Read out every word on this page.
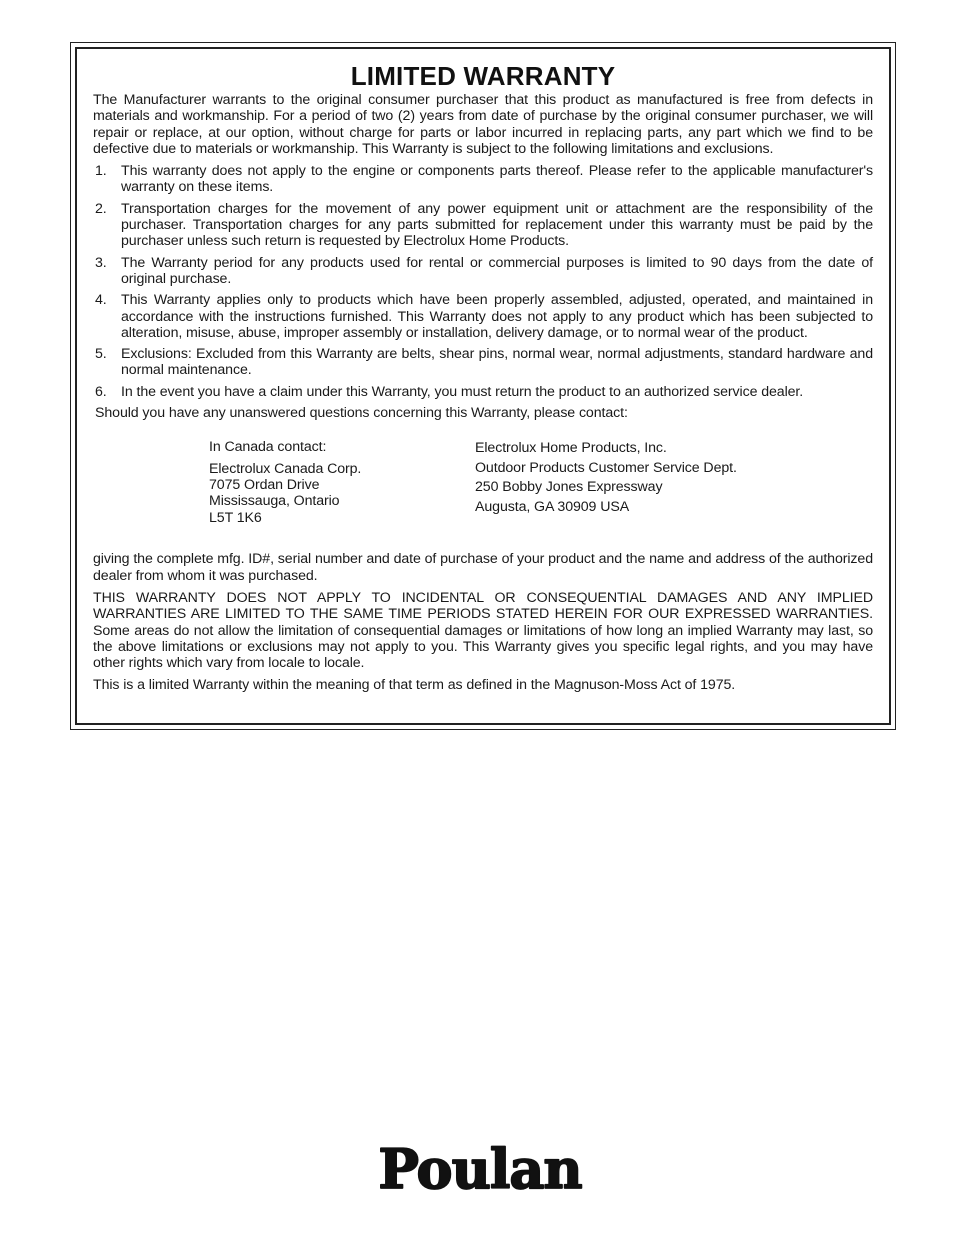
LIMITED WARRANTY

The Manufacturer warrants to the original consumer purchaser that this product as manufactured is free from defects in materials and workmanship. For a period of two (2) years from date of purchase by the original consumer purchaser, we will repair or replace, at our option, without charge for parts or labor incurred in replacing parts, any part which we find to be defective due to materials or workmanship. This Warranty is subject to the following limitations and exclusions.

1. This warranty does not apply to the engine or components parts thereof. Please refer to the applicable manufacturer's warranty on these items.
2. Transportation charges for the movement of any power equipment unit or attachment are the responsibility of the purchaser. Transportation charges for any parts submitted for replacement under this warranty must be paid by the purchaser unless such return is requested by Electrolux Home Products.
3. The Warranty period for any products used for rental or commercial purposes is limited to 90 days from the date of original purchase.
4. This Warranty applies only to products which have been properly assembled, adjusted, operated, and maintained in accordance with the instructions furnished. This Warranty does not apply to any product which has been subjected to alteration, misuse, abuse, improper assembly or installation, delivery damage, or to normal wear of the product.
5. Exclusions: Excluded from this Warranty are belts, shear pins, normal wear, normal adjustments, standard hardware and normal maintenance.
6. In the event you have a claim under this Warranty, you must return the product to an authorized service dealer.

Should you have any unanswered questions concerning this Warranty, please contact:

In Canada contact:
Electrolux Canada Corp.
7075 Ordan Drive
Mississauga, Ontario
L5T 1K6
Electrolux Home Products, Inc.
Outdoor Products Customer Service Dept.
250 Bobby Jones Expressway
Augusta, GA 30909 USA

giving the complete mfg. ID#, serial number and date of purchase of your product and the name and address of the authorized dealer from whom it was purchased.

THIS WARRANTY DOES NOT APPLY TO INCIDENTAL OR CONSEQUENTIAL DAMAGES AND ANY IMPLIED WARRANTIES ARE LIMITED TO THE SAME TIME PERIODS STATED HEREIN FOR OUR EXPRESSED WARRANTIES. Some areas do not allow the limitation of consequential damages or limitations of how long an implied Warranty may last, so the above limitations or exclusions may not apply to you. This Warranty gives you specific legal rights, and you may have other rights which vary from locale to locale.

This is a limited Warranty within the meaning of that term as defined in the Magnuson-Moss Act of 1975.

Poulan
